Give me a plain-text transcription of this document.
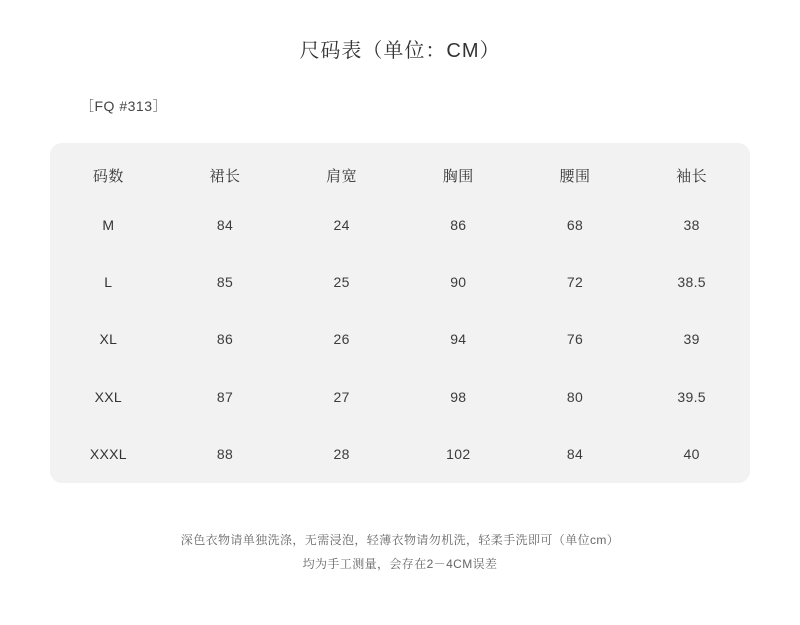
尺码表（单位：CM）
［FQ #313］
码数	裙长	肩宽	胸围	腰围	袖长
M	84	24	86	68	38
L	85	25	90	72	38.5
XL	86	26	94	76	39
XXL	87	27	98	80	39.5
XXXL	88	28	102	84	40
深色衣物请单独洗涤，无需浸泡，轻薄衣物请勿机洗，轻柔手洗即可（单位cm）
均为手工测量，会存在2－4CM误差
